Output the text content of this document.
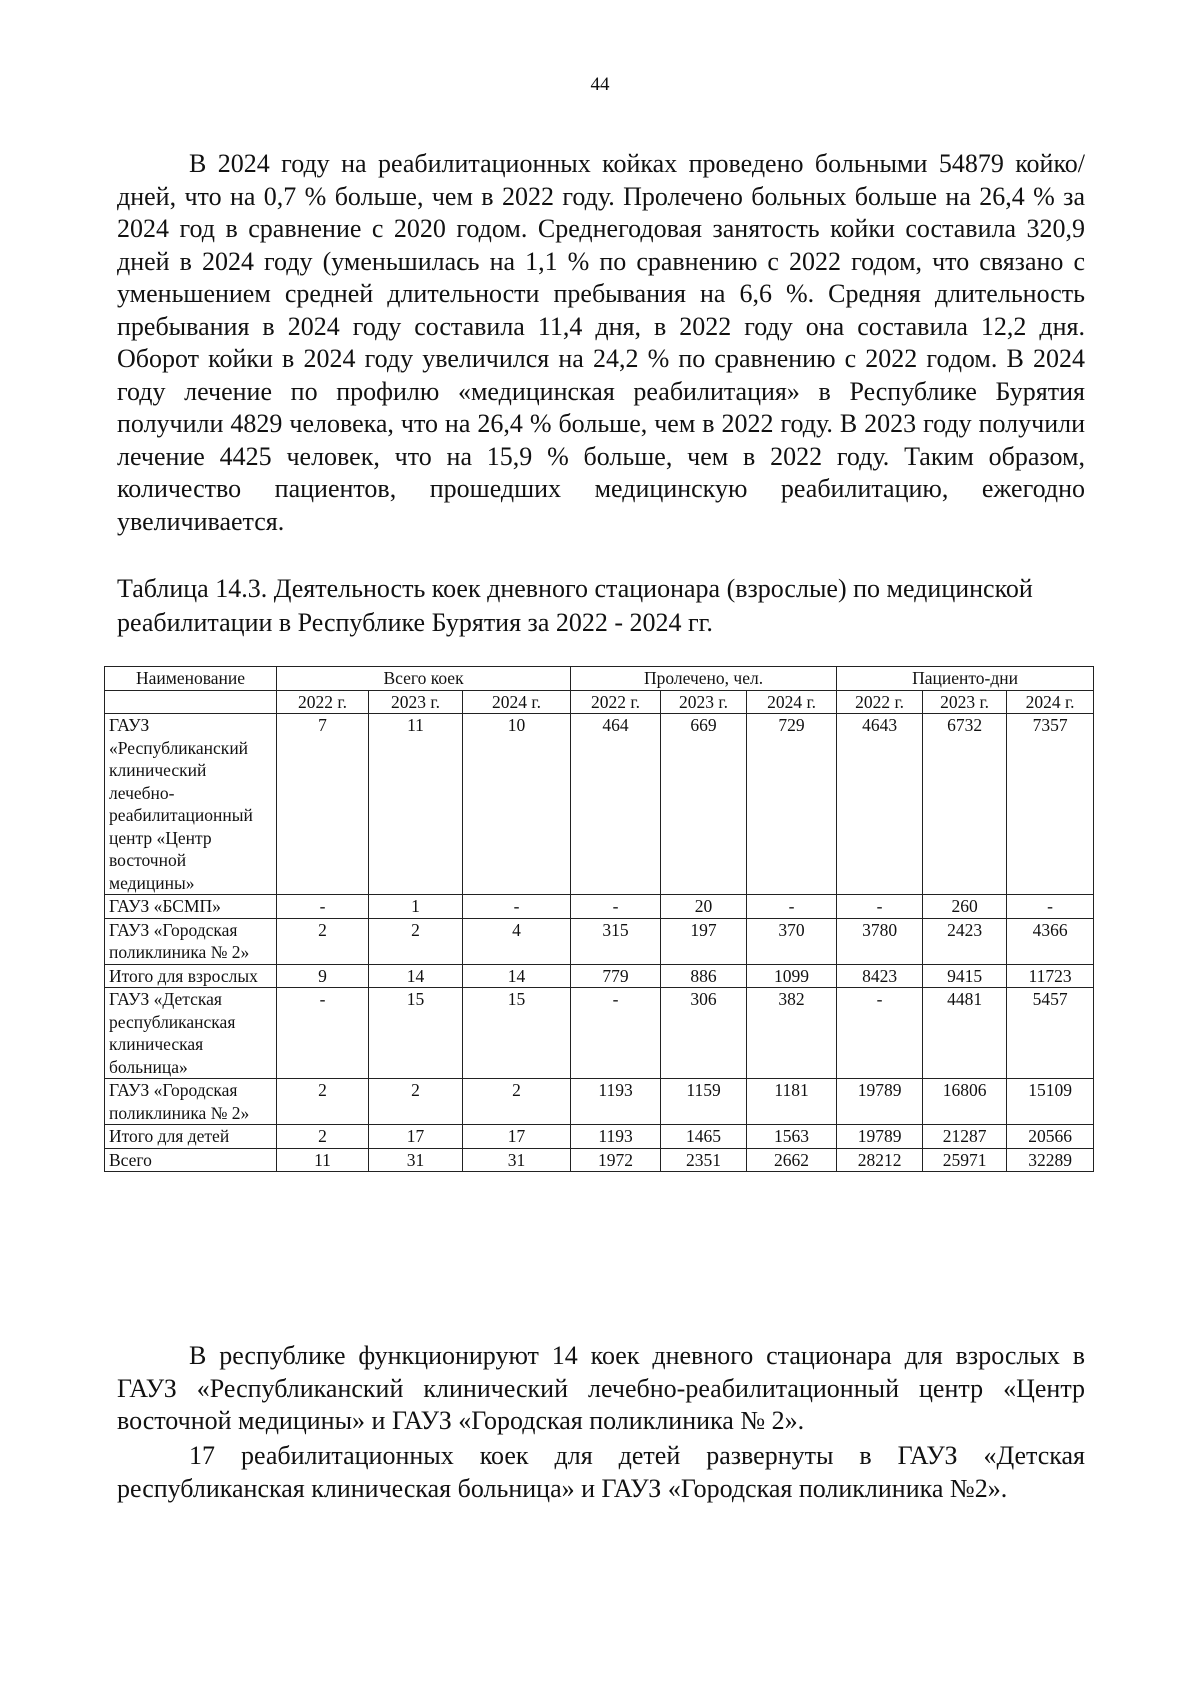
44

В 2024 году на реабилитационных койках проведено больными 54879 койко/дней, что на 0,7 % больше, чем в 2022 году. Пролечено больных больше на 26,4 % за 2024 год в сравнение с 2020 годом. Среднегодовая занятость койки составила 320,9 дней в 2024 году (уменьшилась на 1,1 % по сравнению с 2022 годом, что связано с уменьшением средней длительности пребывания на 6,6 %. Средняя длительность пребывания в 2024 году составила 11,4 дня, в 2022 году она составила 12,2 дня. Оборот койки в 2024 году увеличился на 24,2 % по сравнению с 2022 годом. В 2024 году лечение по профилю «медицинская реабилитация» в Республике Бурятия получили 4829 человека, что на 26,4 % больше, чем в 2022 году. В 2023 году получили лечение 4425 человек, что на 15,9 % больше, чем в 2022 году. Таким образом, количество пациентов, прошедших медицинскую реабилитацию, ежегодно увеличивается.

Таблица 14.3. Деятельность коек дневного стационара (взрослые) по медицинской реабилитации в Республике Бурятия за 2022 - 2024 гг.

Наименование	Всего коек			Пролечено, чел.			Пациенто-дни		
	2022 г.	2023 г.	2024 г.	2022 г.	2023 г.	2024 г.	2022 г.	2023 г.	2024 г.
ГАУЗ «Республиканский клинический лечебно-реабилитационный центр «Центр восточной медицины»	7	11	10	464	669	729	4643	6732	7357
ГАУЗ «БСМП»	-	1	-	-	20	-	-	260	-
ГАУЗ «Городская поликлиника № 2»	2	2	4	315	197	370	3780	2423	4366
Итого для взрослых	9	14	14	779	886	1099	8423	9415	11723
ГАУЗ «Детская республиканская клиническая больница»	-	15	15	-	306	382	-	4481	5457
ГАУЗ «Городская поликлиника № 2»	2	2	2	1193	1159	1181	19789	16806	15109
Итого для детей	2	17	17	1193	1465	1563	19789	21287	20566
Всего	11	31	31	1972	2351	2662	28212	25971	32289

В республике функционируют 14 коек дневного стационара для взрослых в ГАУЗ «Республиканский клинический лечебно-реабилитационный центр «Центр восточной медицины» и ГАУЗ «Городская поликлиника № 2».

17 реабилитационных коек для детей развернуты в ГАУЗ «Детская республиканская клиническая больница» и ГАУЗ «Городская поликлиника №2».
